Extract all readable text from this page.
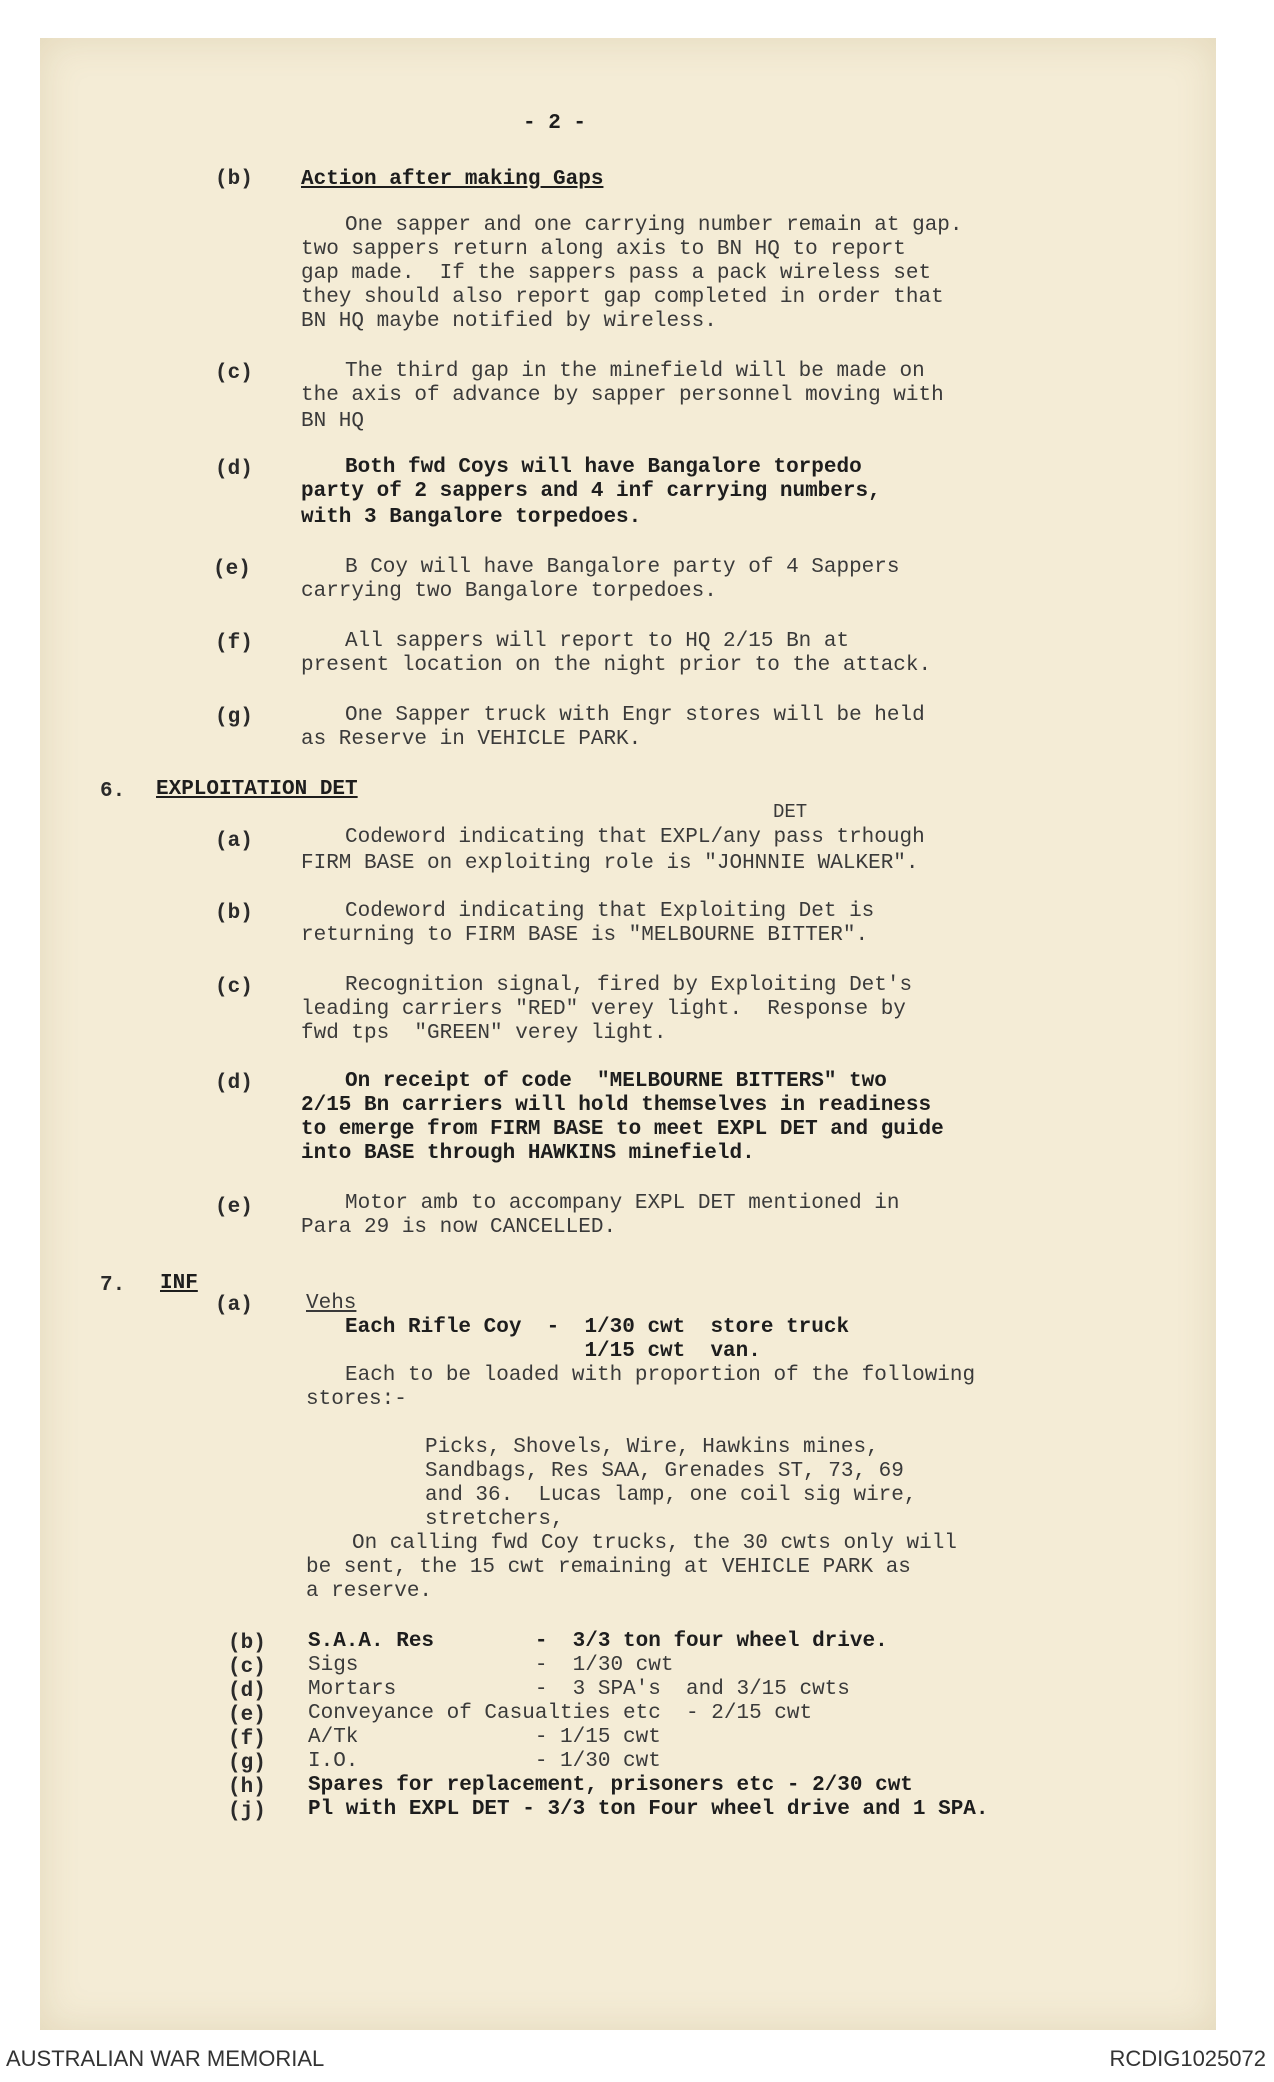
- 2 -
(b) Action after making Gaps
One sapper and one carrying number remain at gap.
two sappers return along axis to BN HQ to report
gap made.  If the sappers pass a pack wireless set
they should also report gap completed in order that
BN HQ maybe notified by wireless.
(c)	The third gap in the minefield will be made on
the axis of advance by sapper personnel moving with
BN HQ
(d)	Both fwd Coys will have Bangalore torpedo
party of 2 sappers and 4 inf carrying numbers,
with 3 Bangalore torpedoes.
(e)	B Coy will have Bangalore party of 4 Sappers
carrying two Bangalore torpedoes.
(f)	All sappers will report to HQ 2/15 Bn at
present location on the night prior to the attack.
(g)	One Sapper truck with Engr stores will be held
as Reserve in VEHICLE PARK.
6. EXPLOITATION DET
DET
(a)	Codeword indicating that EXPL/any pass trhough
FIRM BASE on exploiting role is "JOHNNIE WALKER".
(b)	Codeword indicating that Exploiting Det is
returning to FIRM BASE is "MELBOURNE BITTER".
(c)	Recognition signal, fired by Exploiting Det's
leading carriers "RED" verey light.  Response by
fwd tps  "GREEN" verey light.
(d)	On receipt of code  "MELBOURNE BITTERS" two
2/15 Bn carriers will hold themselves in readiness
to emerge from FIRM BASE to meet EXPL DET and guide
into BASE through HAWKINS minefield.
(e)	Motor amb to accompany EXPL DET mentioned in
Para 29 is now CANCELLED.
7. INF
(a)	Vehs
Each Rifle Coy  -  1/30 cwt  store truck
1/15 cwt  van.
Each to be loaded with proportion of the following
stores:-
Picks, Shovels, Wire, Hawkins mines,
Sandbags, Res SAA, Grenades ST, 73, 69
and 36.  Lucas lamp, one coil sig wire,
stretchers,
On calling fwd Coy trucks, the 30 cwts only will
be sent, the 15 cwt remaining at VEHICLE PARK as
a reserve.
(b) S.A.A. Res        -  3/3 ton four wheel drive.
(c) Sigs              -  1/30 cwt
(d) Mortars           -  3 SPA's  and 3/15 cwts
(e) Conveyance of Casualties etc  - 2/15 cwt
(f) A/Tk              - 1/15 cwt
(g) I.O.              - 1/30 cwt
(h) Spares for replacement, prisoners etc - 2/30 cwt
(j) Pl with EXPL DET - 3/3 ton Four wheel drive and 1 SPA.
AUSTRALIAN WAR MEMORIAL	RCDIG1025072
